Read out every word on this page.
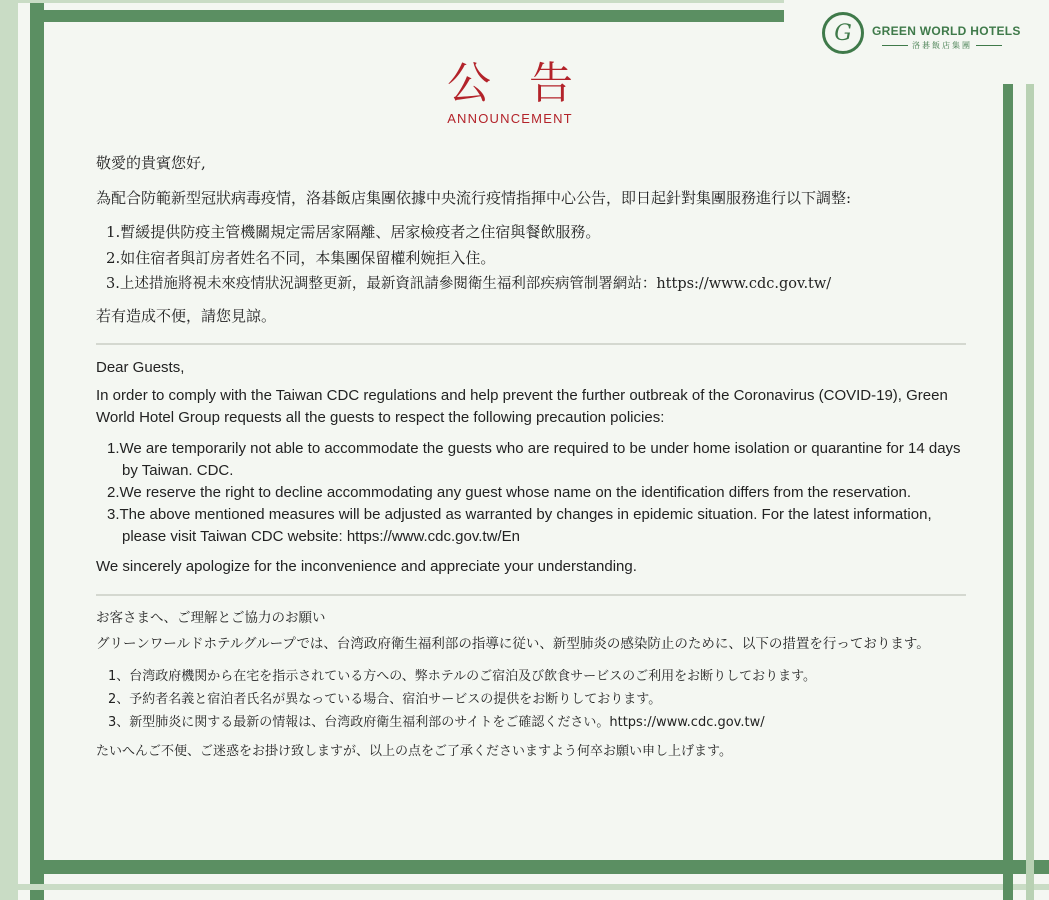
G	GREEN WORLD HOTELS
洛碁飯店集團
公告
ANNOUNCEMENT

敬愛的貴賓您好,

為配合防範新型冠狀病毒疫情，洛碁飯店集團依據中央流行疫情指揮中心公告，即日起針對集團服務進行以下調整:

1.暫緩提供防疫主管機關規定需居家隔離、居家檢疫者之住宿與餐飲服務。
2.如住宿者與訂房者姓名不同，本集團保留權利婉拒入住。
3.上述措施將視未來疫情狀況調整更新，最新資訊請參閱衛生福利部疾病管制署網站：https://www.cdc.gov.tw/

若有造成不便，請您見諒。

Dear Guests,

In order to comply with the Taiwan CDC regulations and help prevent the further outbreak of the Coronavirus (COVID-19), Green World Hotel Group requests all the guests to respect the following precaution policies:

1.We are temporarily not able to accommodate the guests who are required to be under home isolation or quarantine for 14 days by Taiwan. CDC.
2.We reserve the right to decline accommodating any guest whose name on the identification differs from the reservation.
3.The above mentioned measures will be adjusted as warranted by changes in epidemic situation. For the latest information, please visit Taiwan CDC website: https://www.cdc.gov.tw/En

We sincerely apologize for the inconvenience and appreciate your understanding.

お客さまへ、ご理解とご協力のお願い

グリーンワールドホテルグループでは、台湾政府衛生福利部の指導に従い、新型肺炎の感染防止のために、以下の措置を行っております。

1、台湾政府機関から在宅を指示されている方への、弊ホテルのご宿泊及び飲食サービスのご利用をお断りしております。
2、予約者名義と宿泊者氏名が異なっている場合、宿泊サービスの提供をお断りしております。
3、新型肺炎に関する最新の情報は、台湾政府衛生福利部のサイトをご確認ください。https://www.cdc.gov.tw/

たいへんご不便、ご迷惑をお掛け致しますが、以上の点をご了承くださいますよう何卒お願い申し上げます。
